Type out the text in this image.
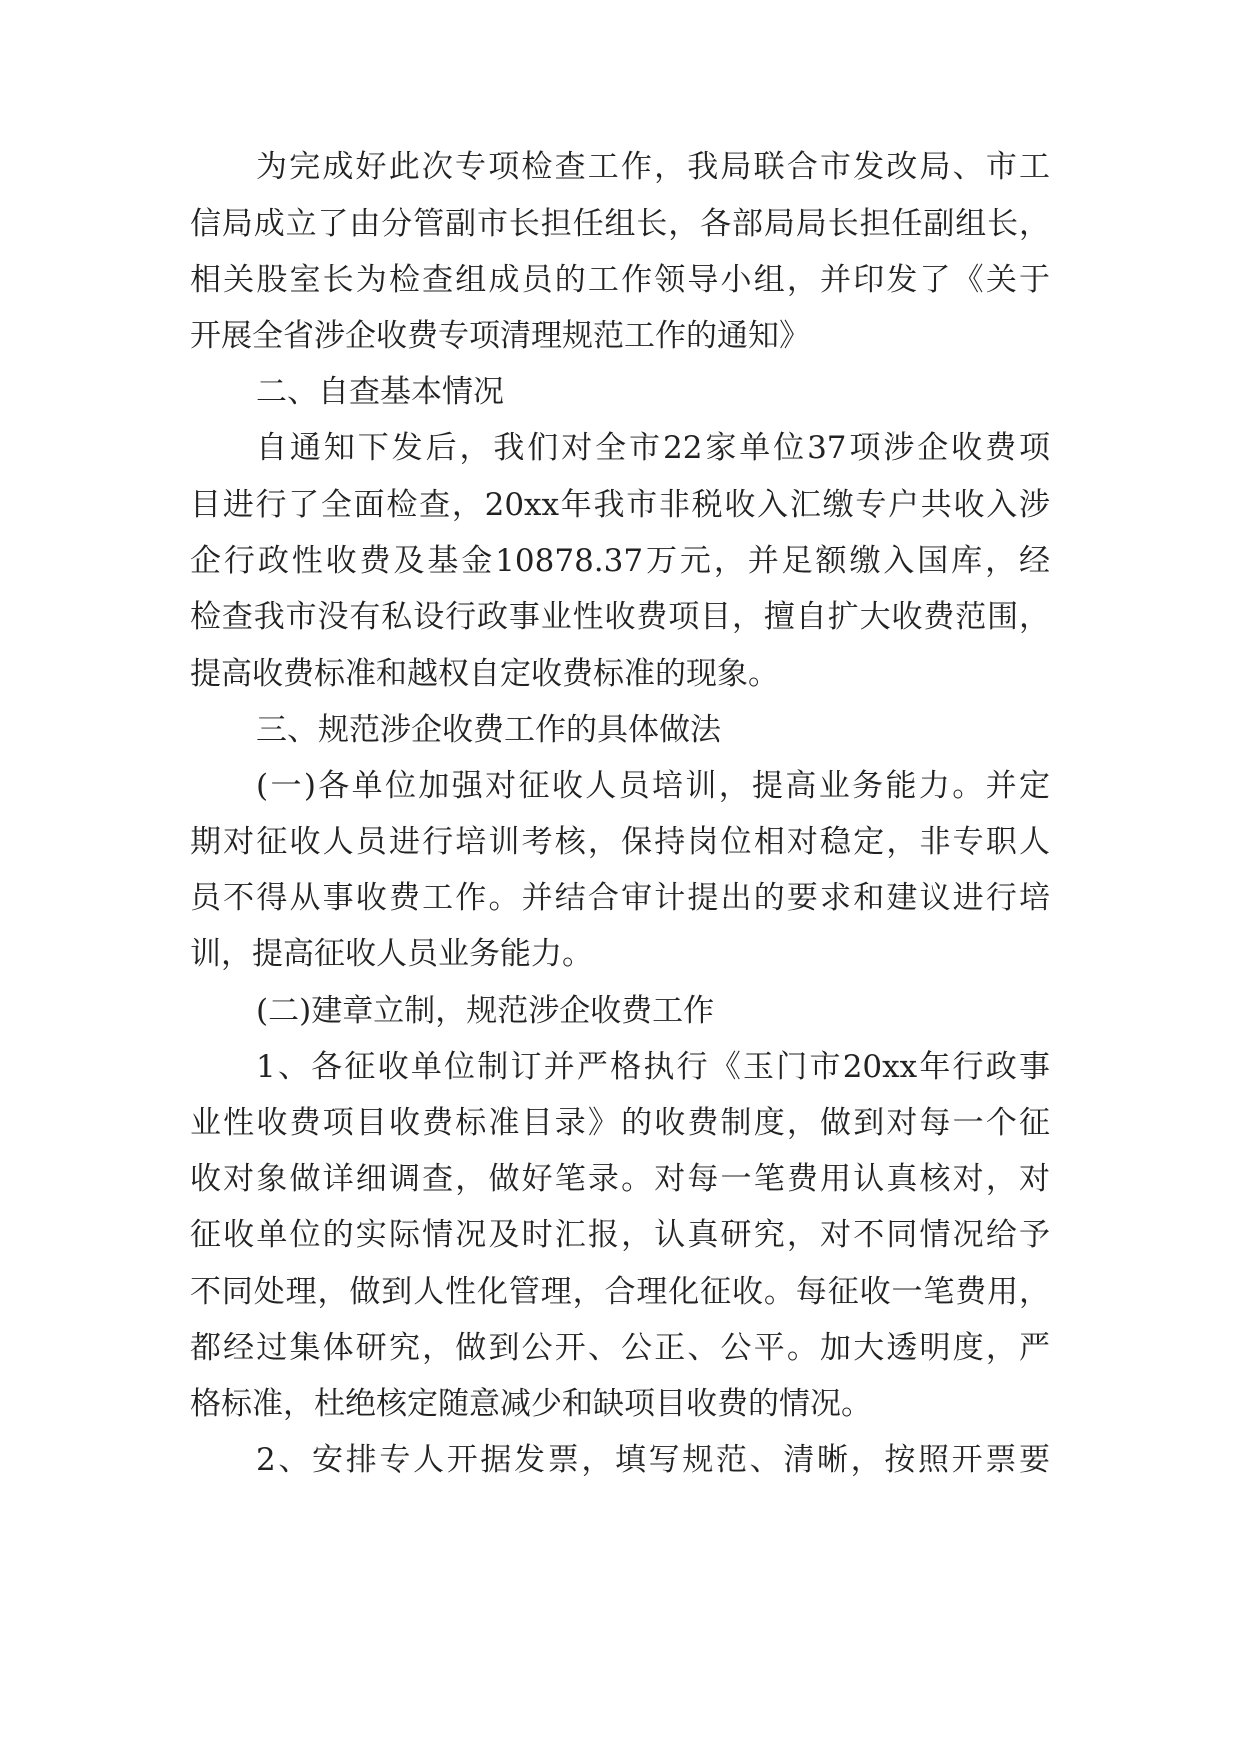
为完成好此次专项检查工作，我局联合市发改局、市工
信局成立了由分管副市长担任组长，各部局局长担任副组长，
相关股室长为检查组成员的工作领导小组，并印发了《关于
开展全省涉企收费专项清理规范工作的通知》
二、自查基本情况
自通知下发后，我们对全市22家单位37项涉企收费项
目进行了全面检查，20xx年我市非税收入汇缴专户共收入涉
企行政性收费及基金10878.37万元，并足额缴入国库，经
检查我市没有私设行政事业性收费项目，擅自扩大收费范围，
提高收费标准和越权自定收费标准的现象。
三、规范涉企收费工作的具体做法
(一)各单位加强对征收人员培训，提高业务能力。并定
期对征收人员进行培训考核，保持岗位相对稳定，非专职人
员不得从事收费工作。并结合审计提出的要求和建议进行培
训，提高征收人员业务能力。
(二)建章立制，规范涉企收费工作
1、各征收单位制订并严格执行《玉门市20xx年行政事
业性收费项目收费标准目录》的收费制度，做到对每一个征
收对象做详细调查，做好笔录。对每一笔费用认真核对，对
征收单位的实际情况及时汇报，认真研究，对不同情况给予
不同处理，做到人性化管理，合理化征收。每征收一笔费用，
都经过集体研究，做到公开、公正、公平。加大透明度，严
格标准，杜绝核定随意减少和缺项目收费的情况。
2、安排专人开据发票，填写规范、清晰，按照开票要
